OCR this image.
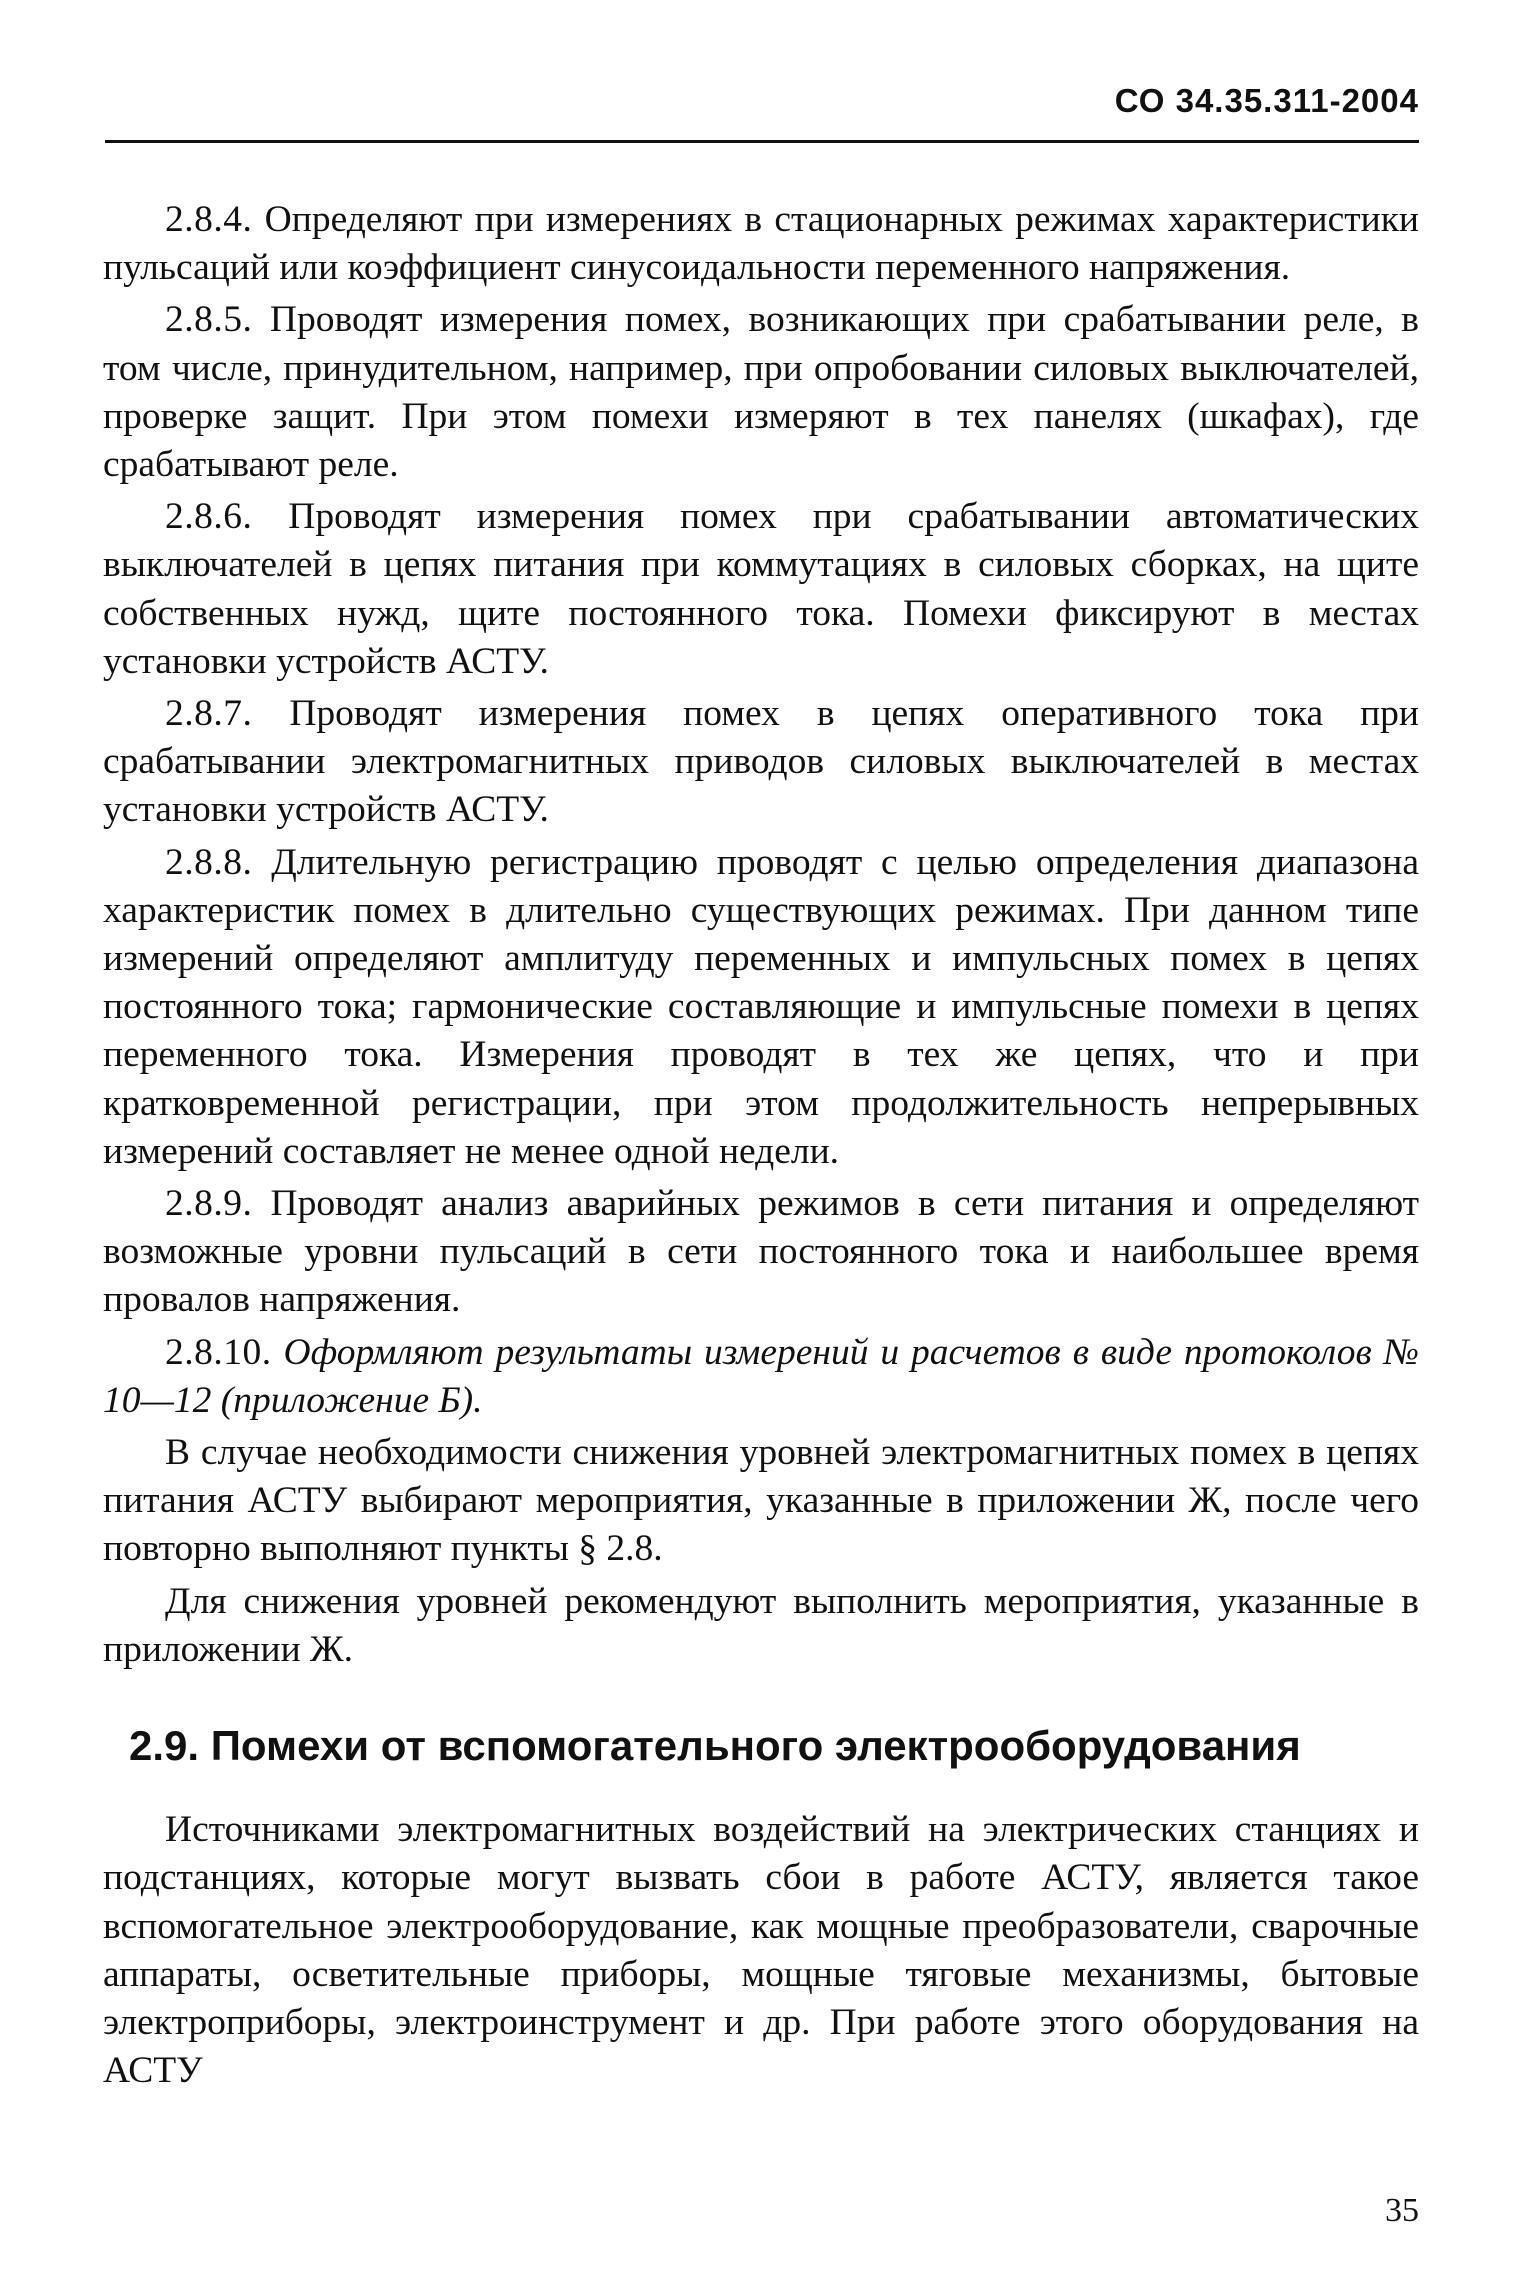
СО 34.35.311-2004

2.8.4. Определяют при измерениях в стационарных режимах характеристики пульсаций или коэффициент синусоидальности переменного напряжения.

2.8.5. Проводят измерения помех, возникающих при срабатывании реле, в том числе, принудительном, например, при опробовании силовых выключателей, проверке защит. При этом помехи измеряют в тех панелях (шкафах), где срабатывают реле.

2.8.6. Проводят измерения помех при срабатывании автоматических выключателей в цепях питания при коммутациях в силовых сборках, на щите собственных нужд, щите постоянного тока. Помехи фиксируют в местах установки устройств АСТУ.

2.8.7. Проводят измерения помех в цепях оперативного тока при срабатывании электромагнитных приводов силовых выключателей в местах установки устройств АСТУ.

2.8.8. Длительную регистрацию проводят с целью определения диапазона характеристик помех в длительно существующих режимах. При данном типе измерений определяют амплитуду переменных и импульсных помех в цепях постоянного тока; гармонические составляющие и импульсные помехи в цепях переменного тока. Измерения проводят в тех же цепях, что и при кратковременной регистрации, при этом продолжительность непрерывных измерений составляет не менее одной недели.

2.8.9. Проводят анализ аварийных режимов в сети питания и определяют возможные уровни пульсаций в сети постоянного тока и наибольшее время провалов напряжения.

2.8.10. Оформляют результаты измерений и расчетов в виде протоколов № 10—12 (приложение Б).

В случае необходимости снижения уровней электромагнитных помех в цепях питания АСТУ выбирают мероприятия, указанные в приложении Ж, после чего повторно выполняют пункты § 2.8.

Для снижения уровней рекомендуют выполнить мероприятия, указанные в приложении Ж.

2.9. Помехи от вспомогательного электрооборудования

Источниками электромагнитных воздействий на электрических станциях и подстанциях, которые могут вызвать сбои в работе АСТУ, является такое вспомогательное электрооборудование, как мощные преобразователи, сварочные аппараты, осветительные приборы, мощные тяговые механизмы, бытовые электроприборы, электроинструмент и др. При работе этого оборудования на АСТУ

35
